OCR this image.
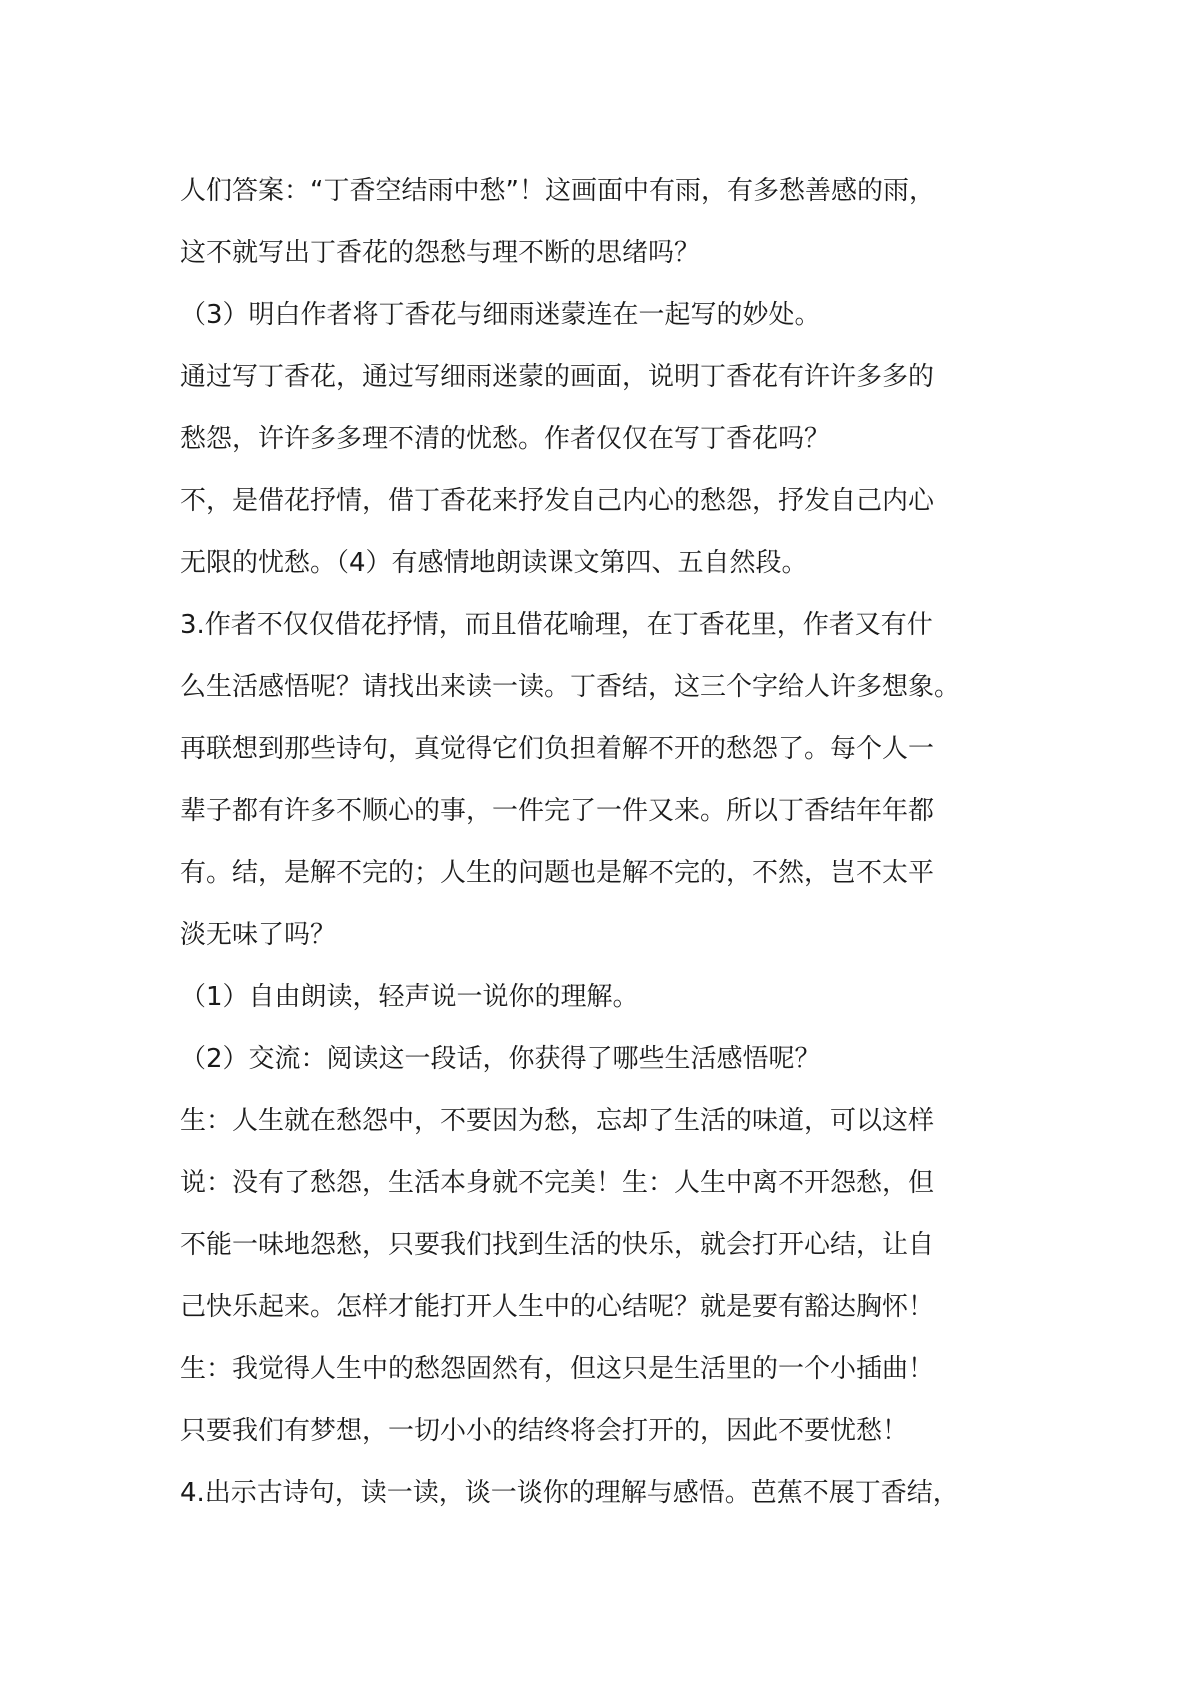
人们答案：“丁香空结雨中愁”！这画面中有雨，有多愁善感的雨，
这不就写出丁香花的怨愁与理不断的思绪吗？
（3）明白作者将丁香花与细雨迷蒙连在一起写的妙处。
通过写丁香花，通过写细雨迷蒙的画面，说明丁香花有许许多多的
愁怨，许许多多理不清的忧愁。作者仅仅在写丁香花吗？
不，是借花抒情，借丁香花来抒发自己内心的愁怨，抒发自己内心
无限的忧愁。（4）有感情地朗读课文第四、五自然段。
3.作者不仅仅借花抒情，而且借花喻理，在丁香花里，作者又有什
么生活感悟呢？请找出来读一读。丁香结，这三个字给人许多想象。
再联想到那些诗句，真觉得它们负担着解不开的愁怨了。每个人一
辈子都有许多不顺心的事，一件完了一件又来。所以丁香结年年都
有。结，是解不完的；人生的问题也是解不完的，不然，岂不太平
淡无味了吗？
（1）自由朗读，轻声说一说你的理解。
（2）交流：阅读这一段话，你获得了哪些生活感悟呢？
生：人生就在愁怨中，不要因为愁，忘却了生活的味道，可以这样
说：没有了愁怨，生活本身就不完美！生：人生中离不开怨愁，但
不能一味地怨愁，只要我们找到生活的快乐，就会打开心结，让自
己快乐起来。怎样才能打开人生中的心结呢？就是要有豁达胸怀！
生：我觉得人生中的愁怨固然有，但这只是生活里的一个小插曲！
只要我们有梦想，一切小小的结终将会打开的，因此不要忧愁！
4.出示古诗句，读一读，谈一谈你的理解与感悟。芭蕉不展丁香结，
